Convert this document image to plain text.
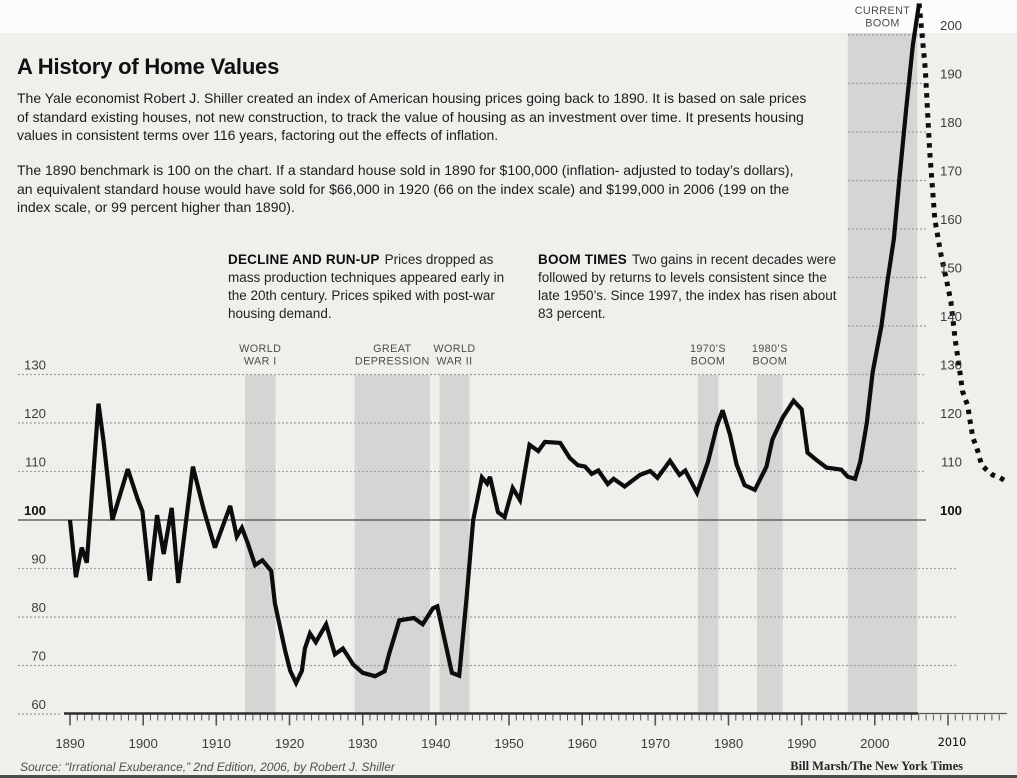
130
120
110
100
90
80
70
60
200
190
180
170
160
150
140
130
120
110
100
1890	1900	1910	1920	1930	1940	1950	1960	1970	1980	1990	2000	2010
WORLD WAR I
GREAT DEPRESSION
WORLD WAR II
1970’S BOOM
1980’S BOOM
CURRENT BOOM
A History of Home Values
The Yale economist Robert J. Shiller created an index of American housing prices going back to 1890. It is based on sale prices of standard existing houses, not new construction, to track the value of housing as an investment over time. It presents housing values in consistent terms over 116 years, factoring out the effects of inflation.
The 1890 benchmark is 100 on the chart. If a standard house sold in 1890 for $100,000 (inflation- adjusted to today’s dollars), an equivalent standard house would have sold for $66,000 in 1920 (66 on the index scale) and $199,000 in 2006 (199 on the index scale, or 99 percent higher than 1890).
DECLINE AND RUN-UP Prices dropped as mass production techniques appeared early in the 20th century. Prices spiked with post-war housing demand.
BOOM TIMES Two gains in recent decades were followed by returns to levels consistent since the late 1950’s. Since 1997, the index has risen about 83 percent.
Source: “Irrational Exuberance,” 2nd Edition, 2006, by Robert J. Shiller	Bill Marsh/The New York Times
